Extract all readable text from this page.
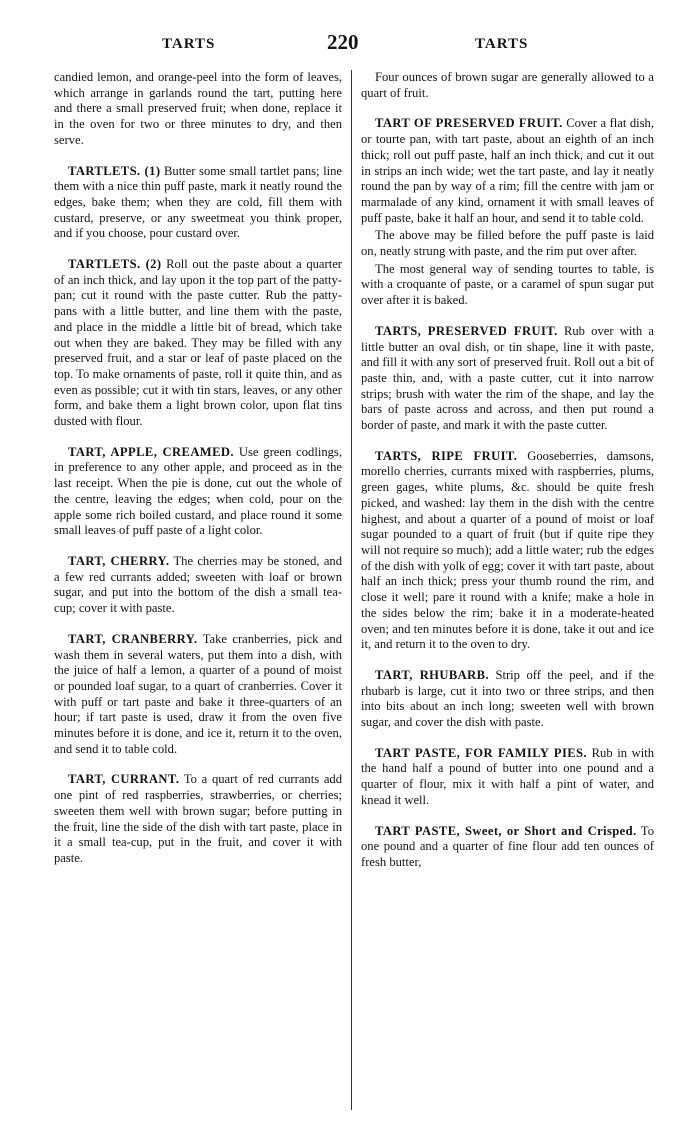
TARTS	220	TARTS

candied lemon, and orange-peel into the form of leaves, which arrange in garlands round the tart, putting here and there a small preserved fruit; when done, replace it in the oven for two or three minutes to dry, and then serve.

TARTLETS. (1) Butter some small tartlet pans; line them with a nice thin puff paste, mark it neatly round the edges, bake them; when they are cold, fill them with custard, preserve, or any sweetmeat you think proper, and if you choose, pour custard over.

TARTLETS. (2) Roll out the paste about a quarter of an inch thick, and lay upon it the top part of the patty-pan; cut it round with the paste cutter. Rub the patty-pans with a little butter, and line them with the paste, and place in the middle a little bit of bread, which take out when they are baked. They may be filled with any preserved fruit, and a star or leaf of paste placed on the top. To make ornaments of paste, roll it quite thin, and as even as possible; cut it with tin stars, leaves, or any other form, and bake them a light brown color, upon flat tins dusted with flour.

TART, APPLE, CREAMED. Use green codlings, in preference to any other apple, and proceed as in the last receipt. When the pie is done, cut out the whole of the centre, leaving the edges; when cold, pour on the apple some rich boiled custard, and place round it some small leaves of puff paste of a light color.

TART, CHERRY. The cherries may be stoned, and a few red currants added; sweeten with loaf or brown sugar, and put into the bottom of the dish a small tea-cup; cover it with paste.

TART, CRANBERRY. Take cranberries, pick and wash them in several waters, put them into a dish, with the juice of half a lemon, a quarter of a pound of moist or pounded loaf sugar, to a quart of cranberries. Cover it with puff or tart paste and bake it three-quarters of an hour; if tart paste is used, draw it from the oven five minutes before it is done, and ice it, return it to the oven, and send it to table cold.

TART, CURRANT. To a quart of red currants add one pint of red raspberries, strawberries, or cherries; sweeten them well with brown sugar; before putting in the fruit, line the side of the dish with tart paste, place in it a small tea-cup, put in the fruit, and cover it with paste.

Four ounces of brown sugar are generally allowed to a quart of fruit.

TART OF PRESERVED FRUIT. Cover a flat dish, or tourte pan, with tart paste, about an eighth of an inch thick; roll out puff paste, half an inch thick, and cut it out in strips an inch wide; wet the tart paste, and lay it neatly round the pan by way of a rim; fill the centre with jam or marmalade of any kind, ornament it with small leaves of puff paste, bake it half an hour, and send it to table cold.

The above may be filled before the puff paste is laid on, neatly strung with paste, and the rim put over after.

The most general way of sending tourtes to table, is with a croquante of paste, or a caramel of spun sugar put over after it is baked.

TARTS, PRESERVED FRUIT. Rub over with a little butter an oval dish, or tin shape, line it with paste, and fill it with any sort of preserved fruit. Roll out a bit of paste thin, and, with a paste cutter, cut it into narrow strips; brush with water the rim of the shape, and lay the bars of paste across and across, and then put round a border of paste, and mark it with the paste cutter.

TARTS, RIPE FRUIT. Gooseberries, damsons, morello cherries, currants mixed with raspberries, plums, green gages, white plums, &c. should be quite fresh picked, and washed: lay them in the dish with the centre highest, and about a quarter of a pound of moist or loaf sugar pounded to a quart of fruit (but if quite ripe they will not require so much); add a little water; rub the edges of the dish with yolk of egg; cover it with tart paste, about half an inch thick; press your thumb round the rim, and close it well; pare it round with a knife; make a hole in the sides below the rim; bake it in a moderate-heated oven; and ten minutes before it is done, take it out and ice it, and return it to the oven to dry.

TART, RHUBARB. Strip off the peel, and if the rhubarb is large, cut it into two or three strips, and then into bits about an inch long; sweeten well with brown sugar, and cover the dish with paste.

TART PASTE, FOR FAMILY PIES. Rub in with the hand half a pound of butter into one pound and a quarter of flour, mix it with half a pint of water, and knead it well.

TART PASTE, Sweet, or Short and Crisped. To one pound and a quarter of fine flour add ten ounces of fresh butter,
